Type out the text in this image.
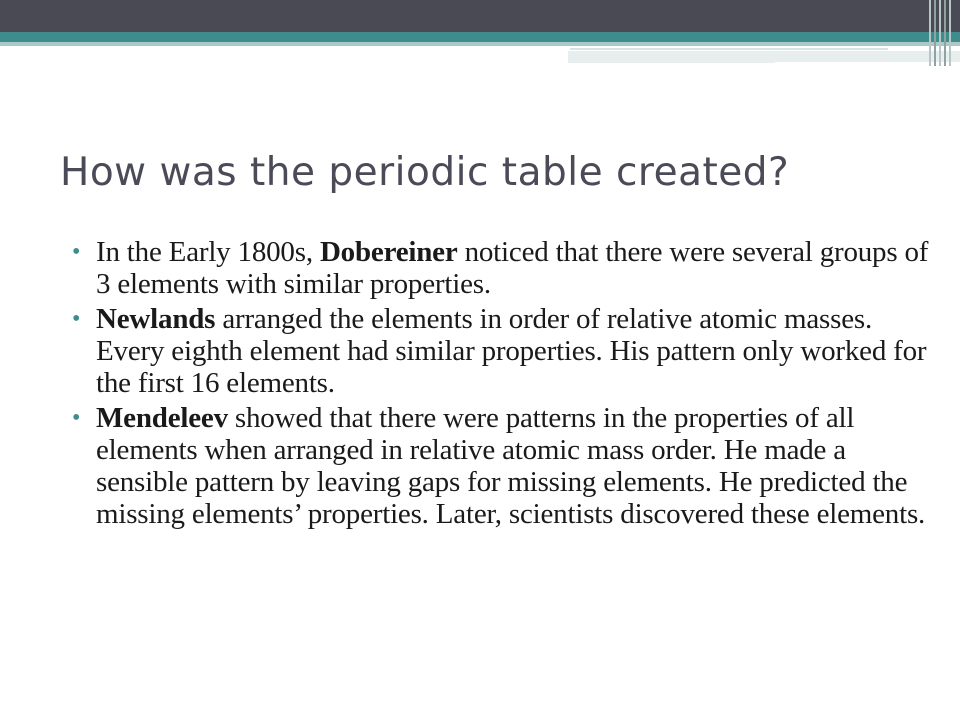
How was the periodic table created?
• In the Early 1800s, Dobereiner noticed that there were several groups of 3 elements with similar properties.
• Newlands arranged the elements in order of relative atomic masses. Every eighth element had similar properties. His pattern only worked for the first 16 elements.
• Mendeleev showed that there were patterns in the properties of all elements when arranged in relative atomic mass order. He made a sensible pattern by leaving gaps for missing elements. He predicted the missing elements’ properties. Later, scientists discovered these elements.
